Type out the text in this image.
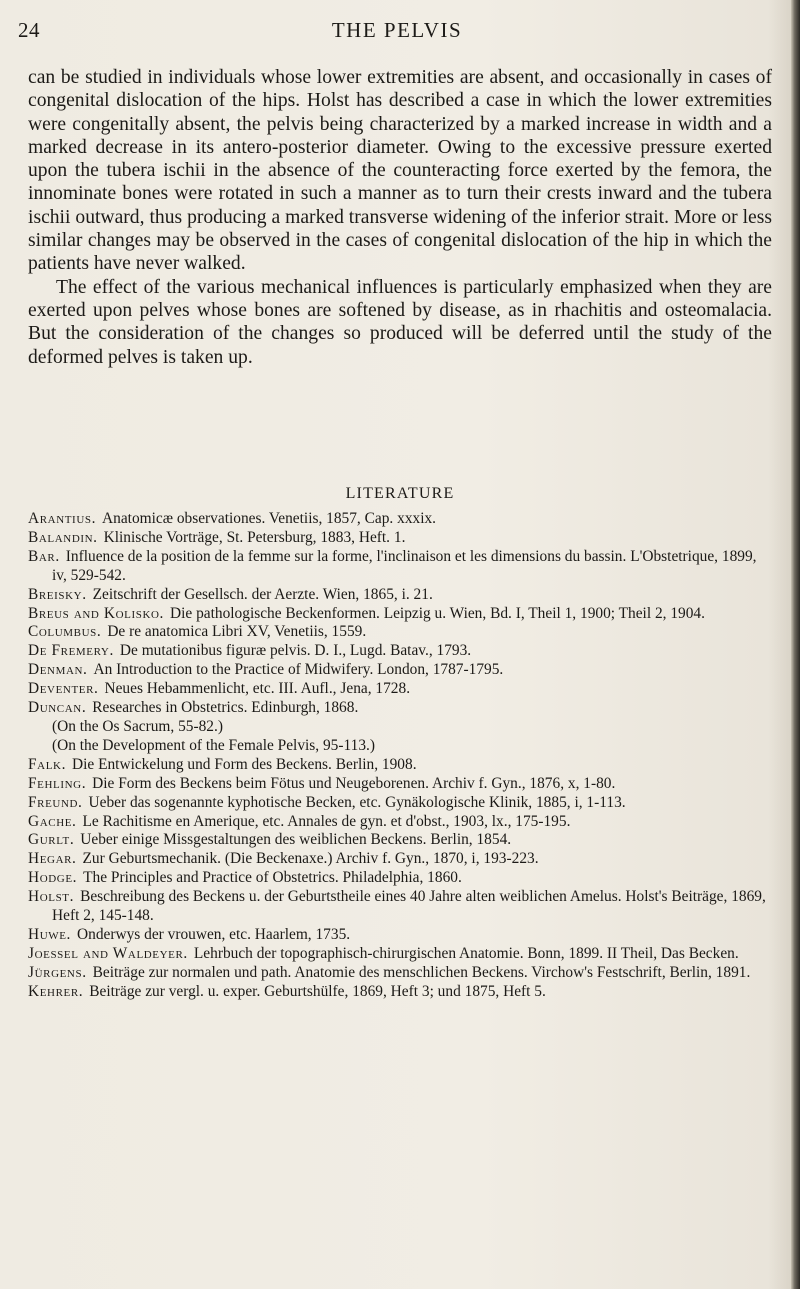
24	THE PELVIS

can be studied in individuals whose lower extremities are absent, and occasionally in cases of congenital dislocation of the hips. Holst has described a case in which the lower extremities were congenitally absent, the pelvis being characterized by a marked increase in width and a marked decrease in its antero-posterior diameter. Owing to the excessive pressure exerted upon the tubera ischii in the absence of the counteracting force exerted by the femora, the innominate bones were rotated in such a manner as to turn their crests inward and the tubera ischii outward, thus producing a marked transverse widening of the inferior strait. More or less similar changes may be observed in the cases of congenital dislocation of the hip in which the patients have never walked.

The effect of the various mechanical influences is particularly emphasized when they are exerted upon pelves whose bones are softened by disease, as in rhachitis and osteomalacia. But the consideration of the changes so produced will be deferred until the study of the deformed pelves is taken up.

LITERATURE

Arantius. Anatomicæ observationes. Venetiis, 1857, Cap. xxxix.

Balandin. Klinische Vorträge, St. Petersburg, 1883, Heft. 1.

Bar. Influence de la position de la femme sur la forme, l'inclinaison et les dimensions du bassin. L'Obstetrique, 1899, iv, 529-542.

Breisky. Zeitschrift der Gesellsch. der Aerzte. Wien, 1865, i. 21.

Breus and Kolisko. Die pathologische Beckenformen. Leipzig u. Wien, Bd. I, Theil 1, 1900; Theil 2, 1904.

Columbus. De re anatomica Libri XV, Venetiis, 1559.

De Fremery. De mutationibus figuræ pelvis. D. I., Lugd. Batav., 1793.

Denman. An Introduction to the Practice of Midwifery. London, 1787-1795.

Deventer. Neues Hebammenlicht, etc. III. Aufl., Jena, 1728.

Duncan. Researches in Obstetrics. Edinburgh, 1868.

(On the Os Sacrum, 55-82.)

(On the Development of the Female Pelvis, 95-113.)

Falk. Die Entwickelung und Form des Beckens. Berlin, 1908.

Fehling. Die Form des Beckens beim Fötus und Neugeborenen. Archiv f. Gyn., 1876, x, 1-80.

Freund. Ueber das sogenannte kyphotische Becken, etc. Gynäkologische Klinik, 1885, i, 1-113.

Gache. Le Rachitisme en Amerique, etc. Annales de gyn. et d'obst., 1903, lx., 175-195.

Gurlt. Ueber einige Missgestaltungen des weiblichen Beckens. Berlin, 1854.

Hegar. Zur Geburtsmechanik. (Die Beckenaxe.) Archiv f. Gyn., 1870, i, 193-223.

Hodge. The Principles and Practice of Obstetrics. Philadelphia, 1860.

Holst. Beschreibung des Beckens u. der Geburtstheile eines 40 Jahre alten weiblichen Amelus. Holst's Beiträge, 1869, Heft 2, 145-148.

Huwe. Onderwys der vrouwen, etc. Haarlem, 1735.

Joessel and Waldeyer. Lehrbuch der topographisch-chirurgischen Anatomie. Bonn, 1899. II Theil, Das Becken.

Jürgens. Beiträge zur normalen und path. Anatomie des menschlichen Beckens. Virchow's Festschrift, Berlin, 1891.

Kehrer. Beiträge zur vergl. u. exper. Geburtshülfe, 1869, Heft 3; und 1875, Heft 5.
